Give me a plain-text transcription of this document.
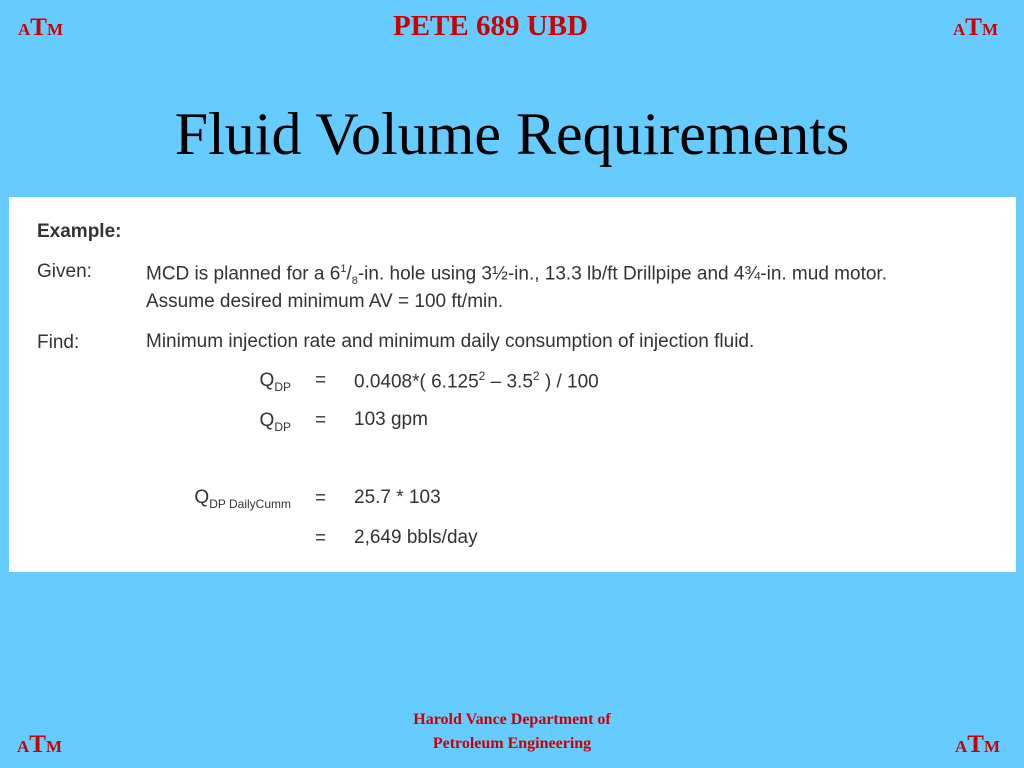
ATM	ATM
ATM	ATM
PETE 689 UBD
Fluid Volume Requirements
Example:
Given:	MCD is planned for a $6^1/_8-in$. hole using 3½-in., 13.3 lb/ft Drillpipe and 4¾-in. mud motor.
Assume desired minimum AV = 100 ft/min.
Find:	Minimum injection rate and minimum daily consumption of injection fluid.
$Q_{DP} = 0.0408*$( $6.125^2 - 3.5^2$ ) / 100
$Q_{DP} = 103$ gpm
$Q_{DP DailyCumm} = 25.7 * 103$
= 2,649 bbls/day
Harold Vance Department of
Petroleum Engineering
